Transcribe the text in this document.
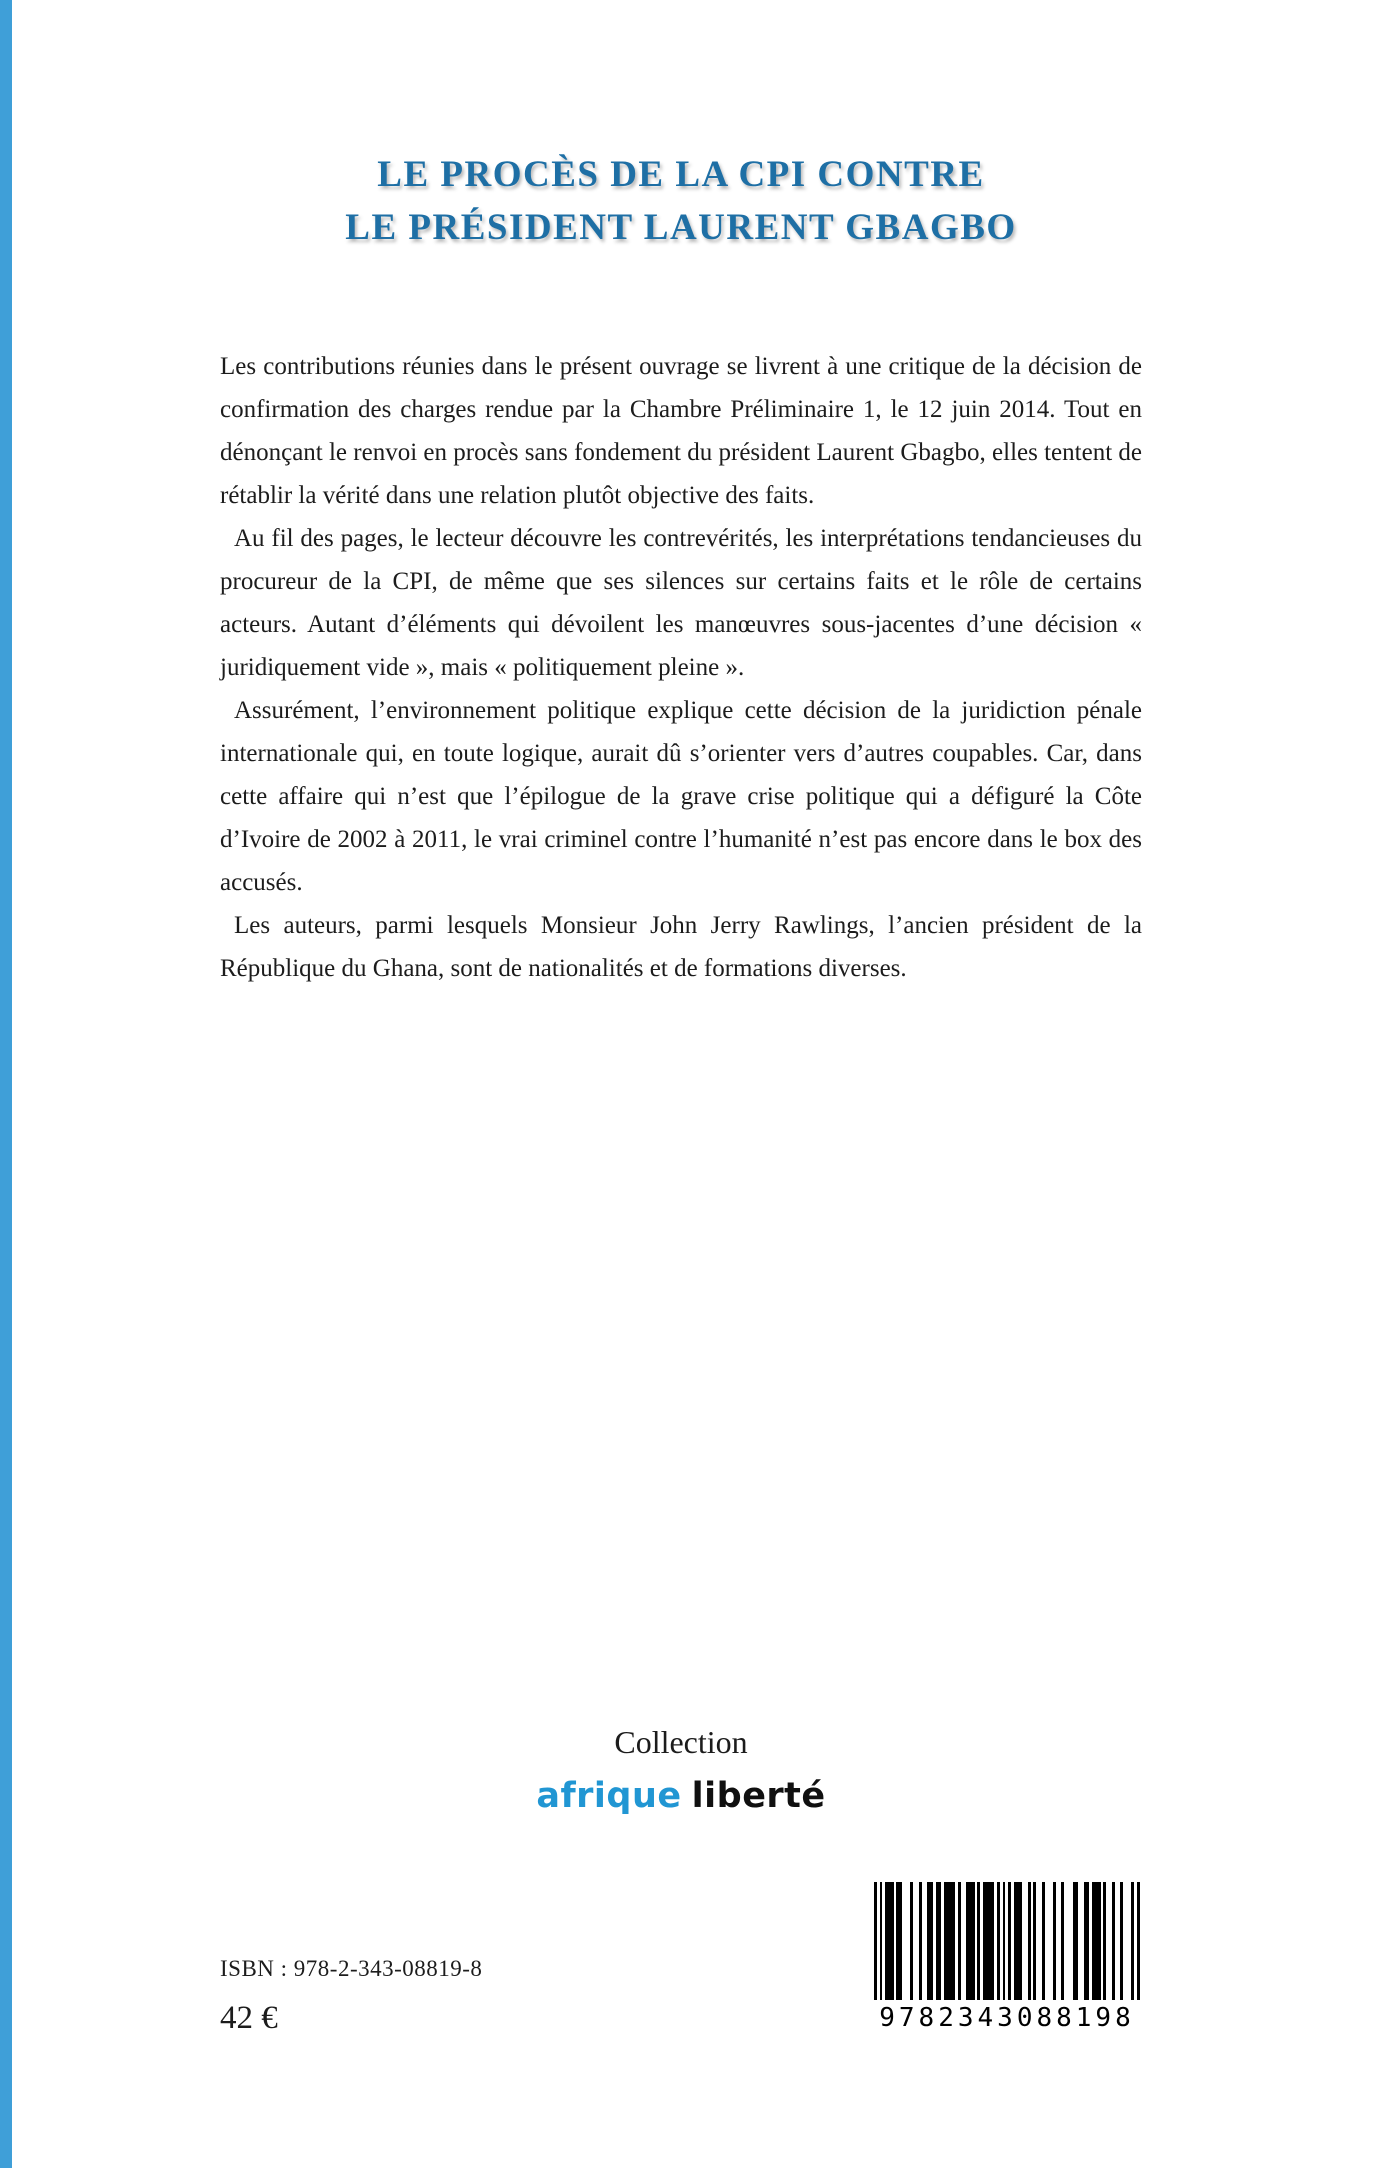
LE PROCÈS DE LA CPI CONTRE
LE PRÉSIDENT LAURENT GBAGBO

Les contributions réunies dans le présent ouvrage se livrent à une critique de la décision de confirmation des charges rendue par la Chambre Préliminaire 1, le 12 juin 2014. Tout en dénonçant le renvoi en procès sans fondement du président Laurent Gbagbo, elles tentent de rétablir la vérité dans une relation plutôt objective des faits.

Au fil des pages, le lecteur découvre les contrevérités, les interprétations tendancieuses du procureur de la CPI, de même que ses silences sur certains faits et le rôle de certains acteurs. Autant d’éléments qui dévoilent les manœuvres sous-jacentes d’une décision « juridiquement vide », mais « politiquement pleine ».

Assurément, l’environnement politique explique cette décision de la juridiction pénale internationale qui, en toute logique, aurait dû s’orienter vers d’autres coupables. Car, dans cette affaire qui n’est que l’épilogue de la grave crise politique qui a défiguré la Côte d’Ivoire de 2002 à 2011, le vrai criminel contre l’humanité n’est pas encore dans le box des accusés.

Les auteurs, parmi lesquels Monsieur John Jerry Rawlings, l’ancien président de la République du Ghana, sont de nationalités et de formations diverses.

Collection
afrique liberté
ISBN : 978-2-343-08819-8
42 €	9782343088198
